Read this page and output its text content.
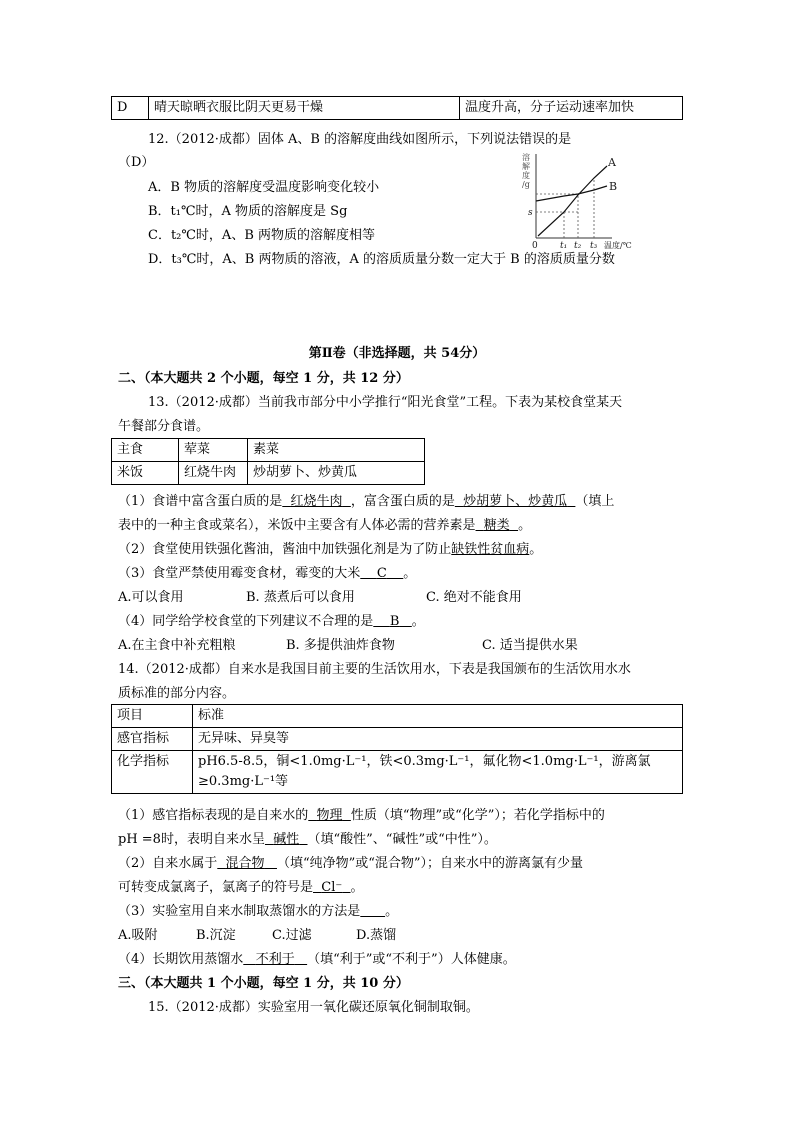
D	晴天晾晒衣服比阴天更易干燥	温度升高，分子运动速率加快
12.（2012·成都）固体 A、B 的溶解度曲线如图所示，下列说法错误的是
（D）
A．B 物质的溶解度受温度影响变化较小
B．t₁℃时，A 物质的溶解度是 Sg
C．t₂℃时，A、B 两物质的溶解度相等
D．t₃℃时，A、B 两物质的溶液，A 的溶质质量分数一定大于 B 的溶质质量分数
溶
解
度
/g
A
B
s
0 t₁ t₂ t₃ 温度/℃
第Ⅱ卷（非选择题，共 54分）
二、（本大题共 2 个小题，每空 1 分，共 12 分）
13.（2012·成都）当前我市部分中小学推行“阳光食堂”工程。下表为某校食堂某天
午餐部分食谱。
主食	荤菜	素菜
米饭	红烧牛肉	炒胡萝卜、炒黄瓜
（1）食谱中富含蛋白质的是 红烧牛肉 ，富含蛋白质的是 炒胡萝卜、炒黄瓜 （填上
表中的一种主食或菜名），米饭中主要含有人体必需的营养素是 糖类 。
（2）食堂使用铁强化酱油，酱油中加铁强化剂是为了防止缺铁性贫血病。
（3）食堂严禁使用霉变食材，霉变的大米 C 。
A.可以食用	B. 蒸煮后可以食用	C. 绝对不能食用
（4）同学给学校食堂的下列建议不合理的是 B 。
A.在主食中补充粗粮	B. 多提供油炸食物	C. 适当提供水果
14.（2012·成都）自来水是我国目前主要的生活饮用水，下表是我国颁布的生活饮用水水
质标准的部分内容。
项目	标准
感官指标	无异味、异臭等
化学指标	pH6.5-8.5，铜<1.0mg·L⁻¹，铁<0.3mg·L⁻¹，氟化物<1.0mg·L⁻¹，游离氯≥0.3mg·L⁻¹等
（1）感官指标表现的是自来水的 物理 性质（填“物理”或“化学”）；若化学指标中的
pH =8时，表明自来水呈 碱性 （填“酸性”、“碱性”或“中性”）。
（2）自来水属于 混合物 （填“纯净物”或“混合物”）；自来水中的游离氯有少量
可转变成氯离子，氯离子的符号是 Cl⁻ 。
（3）实验室用自来水制取蒸馏水的方法是 。
A.吸附	B.沉淀	C.过滤	D.蒸馏
（4）长期饮用蒸馏水 不利于 （填“利于”或“不利于”）人体健康。
三、（本大题共 1 个小题，每空 1 分，共 10 分）
15.（2012·成都）实验室用一氧化碳还原氧化铜制取铜。
